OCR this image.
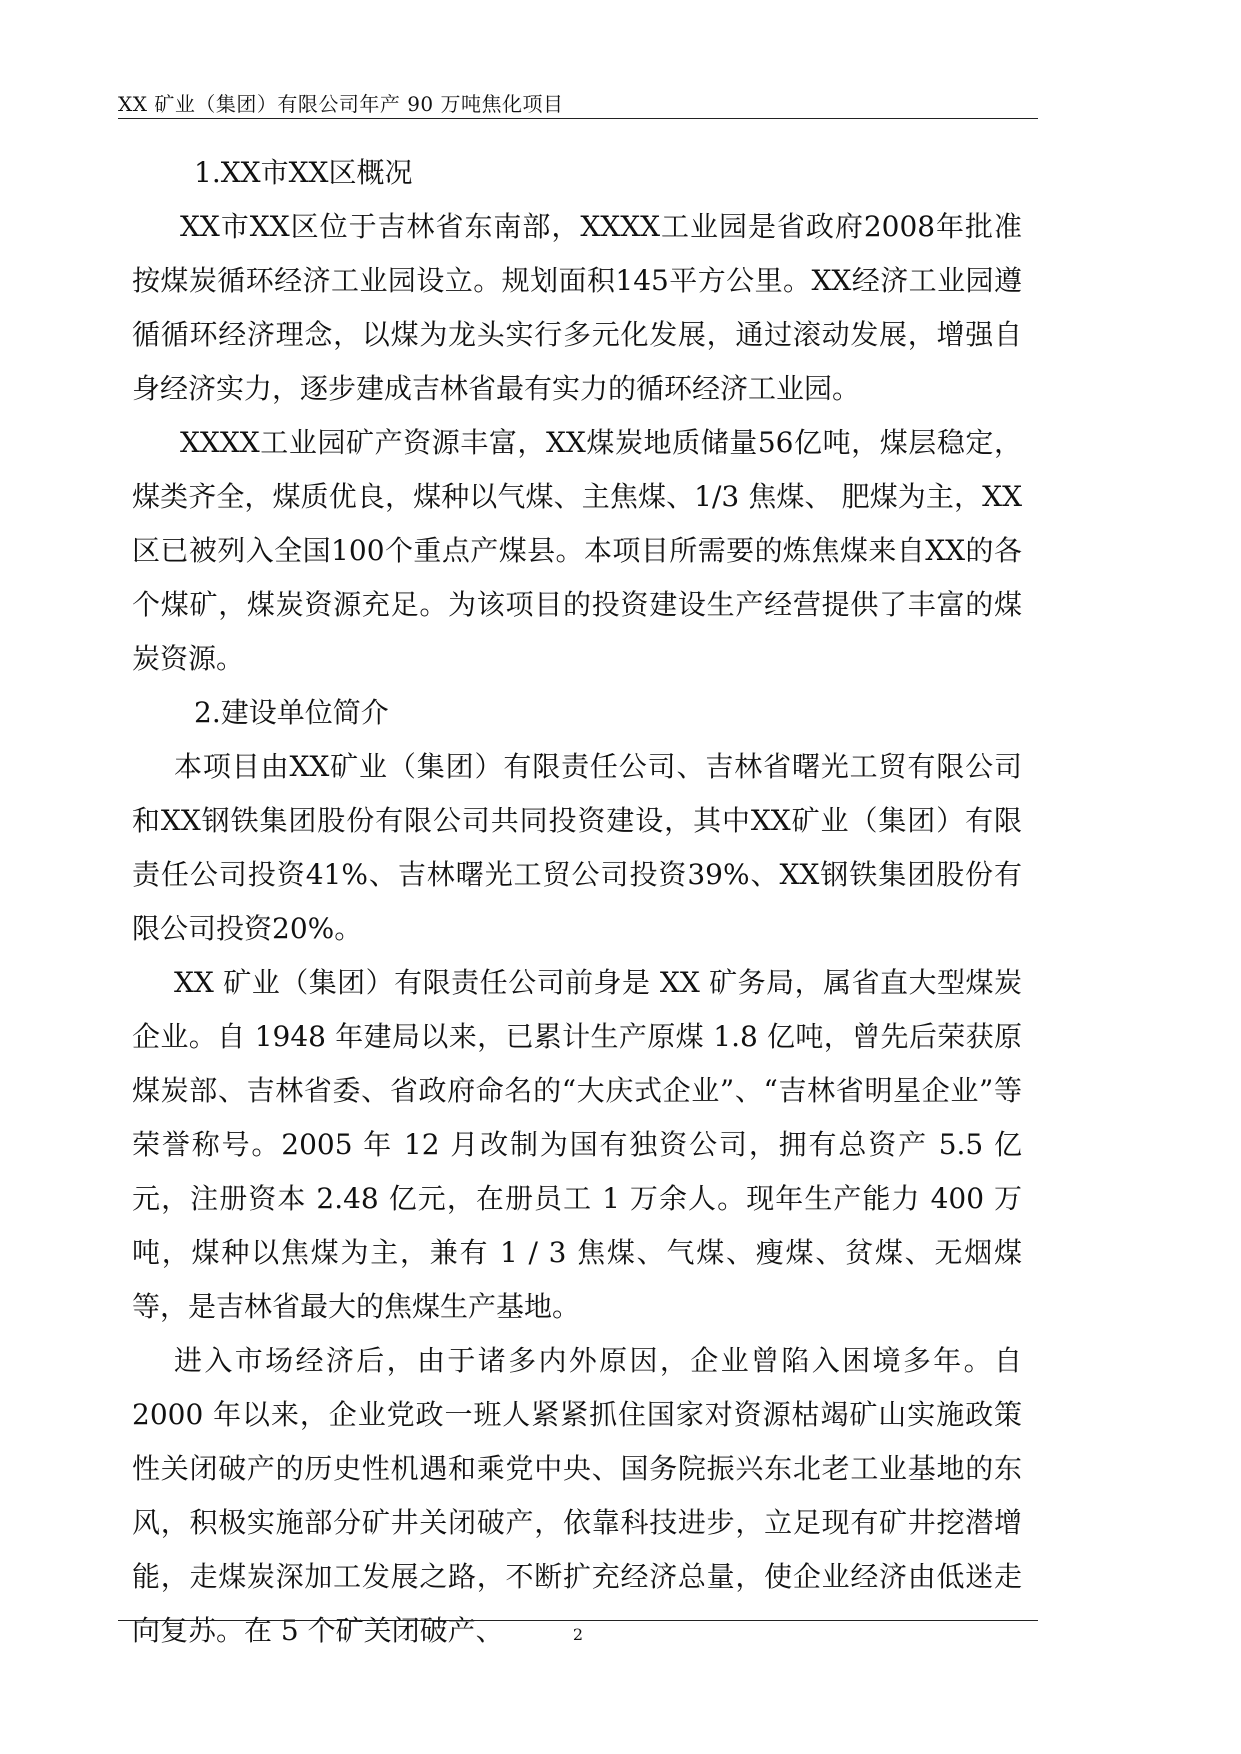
XX 矿业（集团）有限公司年产 90 万吨焦化项目

1.XX市XX区概况

XX市XX区位于吉林省东南部，XXXX工业园是省政府2008年批准按煤炭循环经济工业园设立。规划面积145平方公里。XX经济工业园遵循循环经济理念，以煤为龙头实行多元化发展，通过滚动发展，增强自身经济实力，逐步建成吉林省最有实力的循环经济工业园。

XXXX工业园矿产资源丰富，XX煤炭地质储量56亿吨，煤层稳定，煤类齐全，煤质优良，煤种以气煤、主焦煤、1/3 焦煤、 肥煤为主，XX区已被列入全国100个重点产煤县。本项目所需要的炼焦煤来自XX的各个煤矿，煤炭资源充足。为该项目的投资建设生产经营提供了丰富的煤炭资源。

2.建设单位简介

本项目由XX矿业（集团）有限责任公司、吉林省曙光工贸有限公司和XX钢铁集团股份有限公司共同投资建设，其中XX矿业（集团）有限责任公司投资41%、吉林曙光工贸公司投资39%、XX钢铁集团股份有限公司投资20%。

XX 矿业（集团）有限责任公司前身是 XX 矿务局，属省直大型煤炭企业。自 1948 年建局以来，已累计生产原煤 1.8 亿吨，曾先后荣获原煤炭部、吉林省委、省政府命名的“大庆式企业”、“吉林省明星企业”等荣誉称号。2005 年 12 月改制为国有独资公司，拥有总资产 5.5 亿元，注册资本 2.48 亿元，在册员工 1 万余人。现年生产能力 400 万吨，煤种以焦煤为主，兼有 1 / 3 焦煤、气煤、瘦煤、贫煤、无烟煤等，是吉林省最大的焦煤生产基地。

进入市场经济后，由于诸多内外原因，企业曾陷入困境多年。自 2000 年以来，企业党政一班人紧紧抓住国家对资源枯竭矿山实施政策性关闭破产的历史性机遇和乘党中央、国务院振兴东北老工业基地的东风，积极实施部分矿井关闭破产，依靠科技进步，立足现有矿井挖潜增能，走煤炭深加工发展之路，不断扩充经济总量，使企业经济由低迷走向复苏。在 5 个矿关闭破产、	2
